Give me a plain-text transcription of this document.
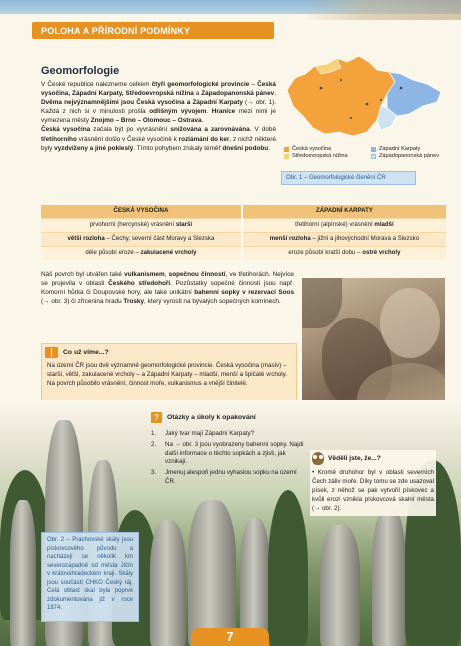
POLOHA A PŘÍRODNÍ PODMÍNKY
Geomorfologie

V České republice nalezneme celkem čtyři geomorfologické provincie – Česká vysočina, Západní Karpaty, Středoevropská nížina a Západopanonská pánev. Dvěma nejvýznamnějšími jsou Česká vysočina a Západní Karpaty (→ obr. 1). Každá z nich si v minulosti prošla odlišným vývojem. Hranice mezi nimi je vymezena městy Znojmo – Brno – Olomouc – Ostrava.

Česká vysočina začala být po vyvrásnění snižována a zarovnávána. V době třetihorního vrásnění došlo v České vysočině k rozlámání do ker, z nichž některé byly vyzdviženy a jiné pokleslý. Tímto pohybem získaly téměř dnešní podobu.	Česká vysočina
Středoevropská nížina
Západní Karpaty
Západopanonská pánev
Obr. 1 – Geomorfologické členění ČR
ČESKÁ VYSOČINA	ZÁPADNÍ KARPATY
prvohorní (hercynské) vrásnění starší	třetihorní (alpínské) vrásnění mladší
větší rozloha – Čechy, severní část Moravy a Slezska	menší rozloha – jižní a jihovýchodní Morava a Slezsko
déle působí eroze – zakulacené vrcholy	eroze působí kratší dobu – ostré vrcholy
Náš povrch byl utvářen také vulkanismem, sopečnou činností, ve třetihorách. Nejvíce se projevila v oblasti Českého středohoří. Pozůstatky sopečné činnosti jsou např. Komorní hůrka či Doupovské hory, ale také unikátní bahenní sopky v rezervaci Soos (→ obr. 3) či zřícenina hradu Trosky, který vyrostl na bývalých sopečných komínech.
Co už víme...?
Na území ČR jsou dvě významné geomorfologické provincie. Česká vysočina (masiv) – starší, větší, zakulacené vrcholy – a Západní Karpaty – mladší, menší a špičaté vrcholy. Na povrch působilo vrásnění, činnost moře, vulkanismus a vnější činitelé.
?	Otázky a úkoly k opakování
1.	Jaký tvar mají Západní Karpaty?
2.	Na → obr. 3 jsou vyobrazeny bahenní sopky. Najdi další informace o těchto sopkách a zjisti, jak vznikají.
3.	Jmenuj alespoň jednu vyhaslou sopku na území ČR.
Věděli jste, že...?
• Kromě druhohor byl v oblasti severních Čech záliv moře. Díky tomu se zde usazoval písek, z něhož se pak vytvořil pískovec a kvůli erozi vznikla pískovcová skalní města (→ obr. 2).
Obr. 2 – Prachovské skály jsou pískovcového původu a nacházejí se několik km severozápadně od města Jičín v královéhradeckém kraji. Skály jsou součástí CHKO Český ráj. Celá oblast skal byla poprvé zdokumentována již v roce 1874.
7
